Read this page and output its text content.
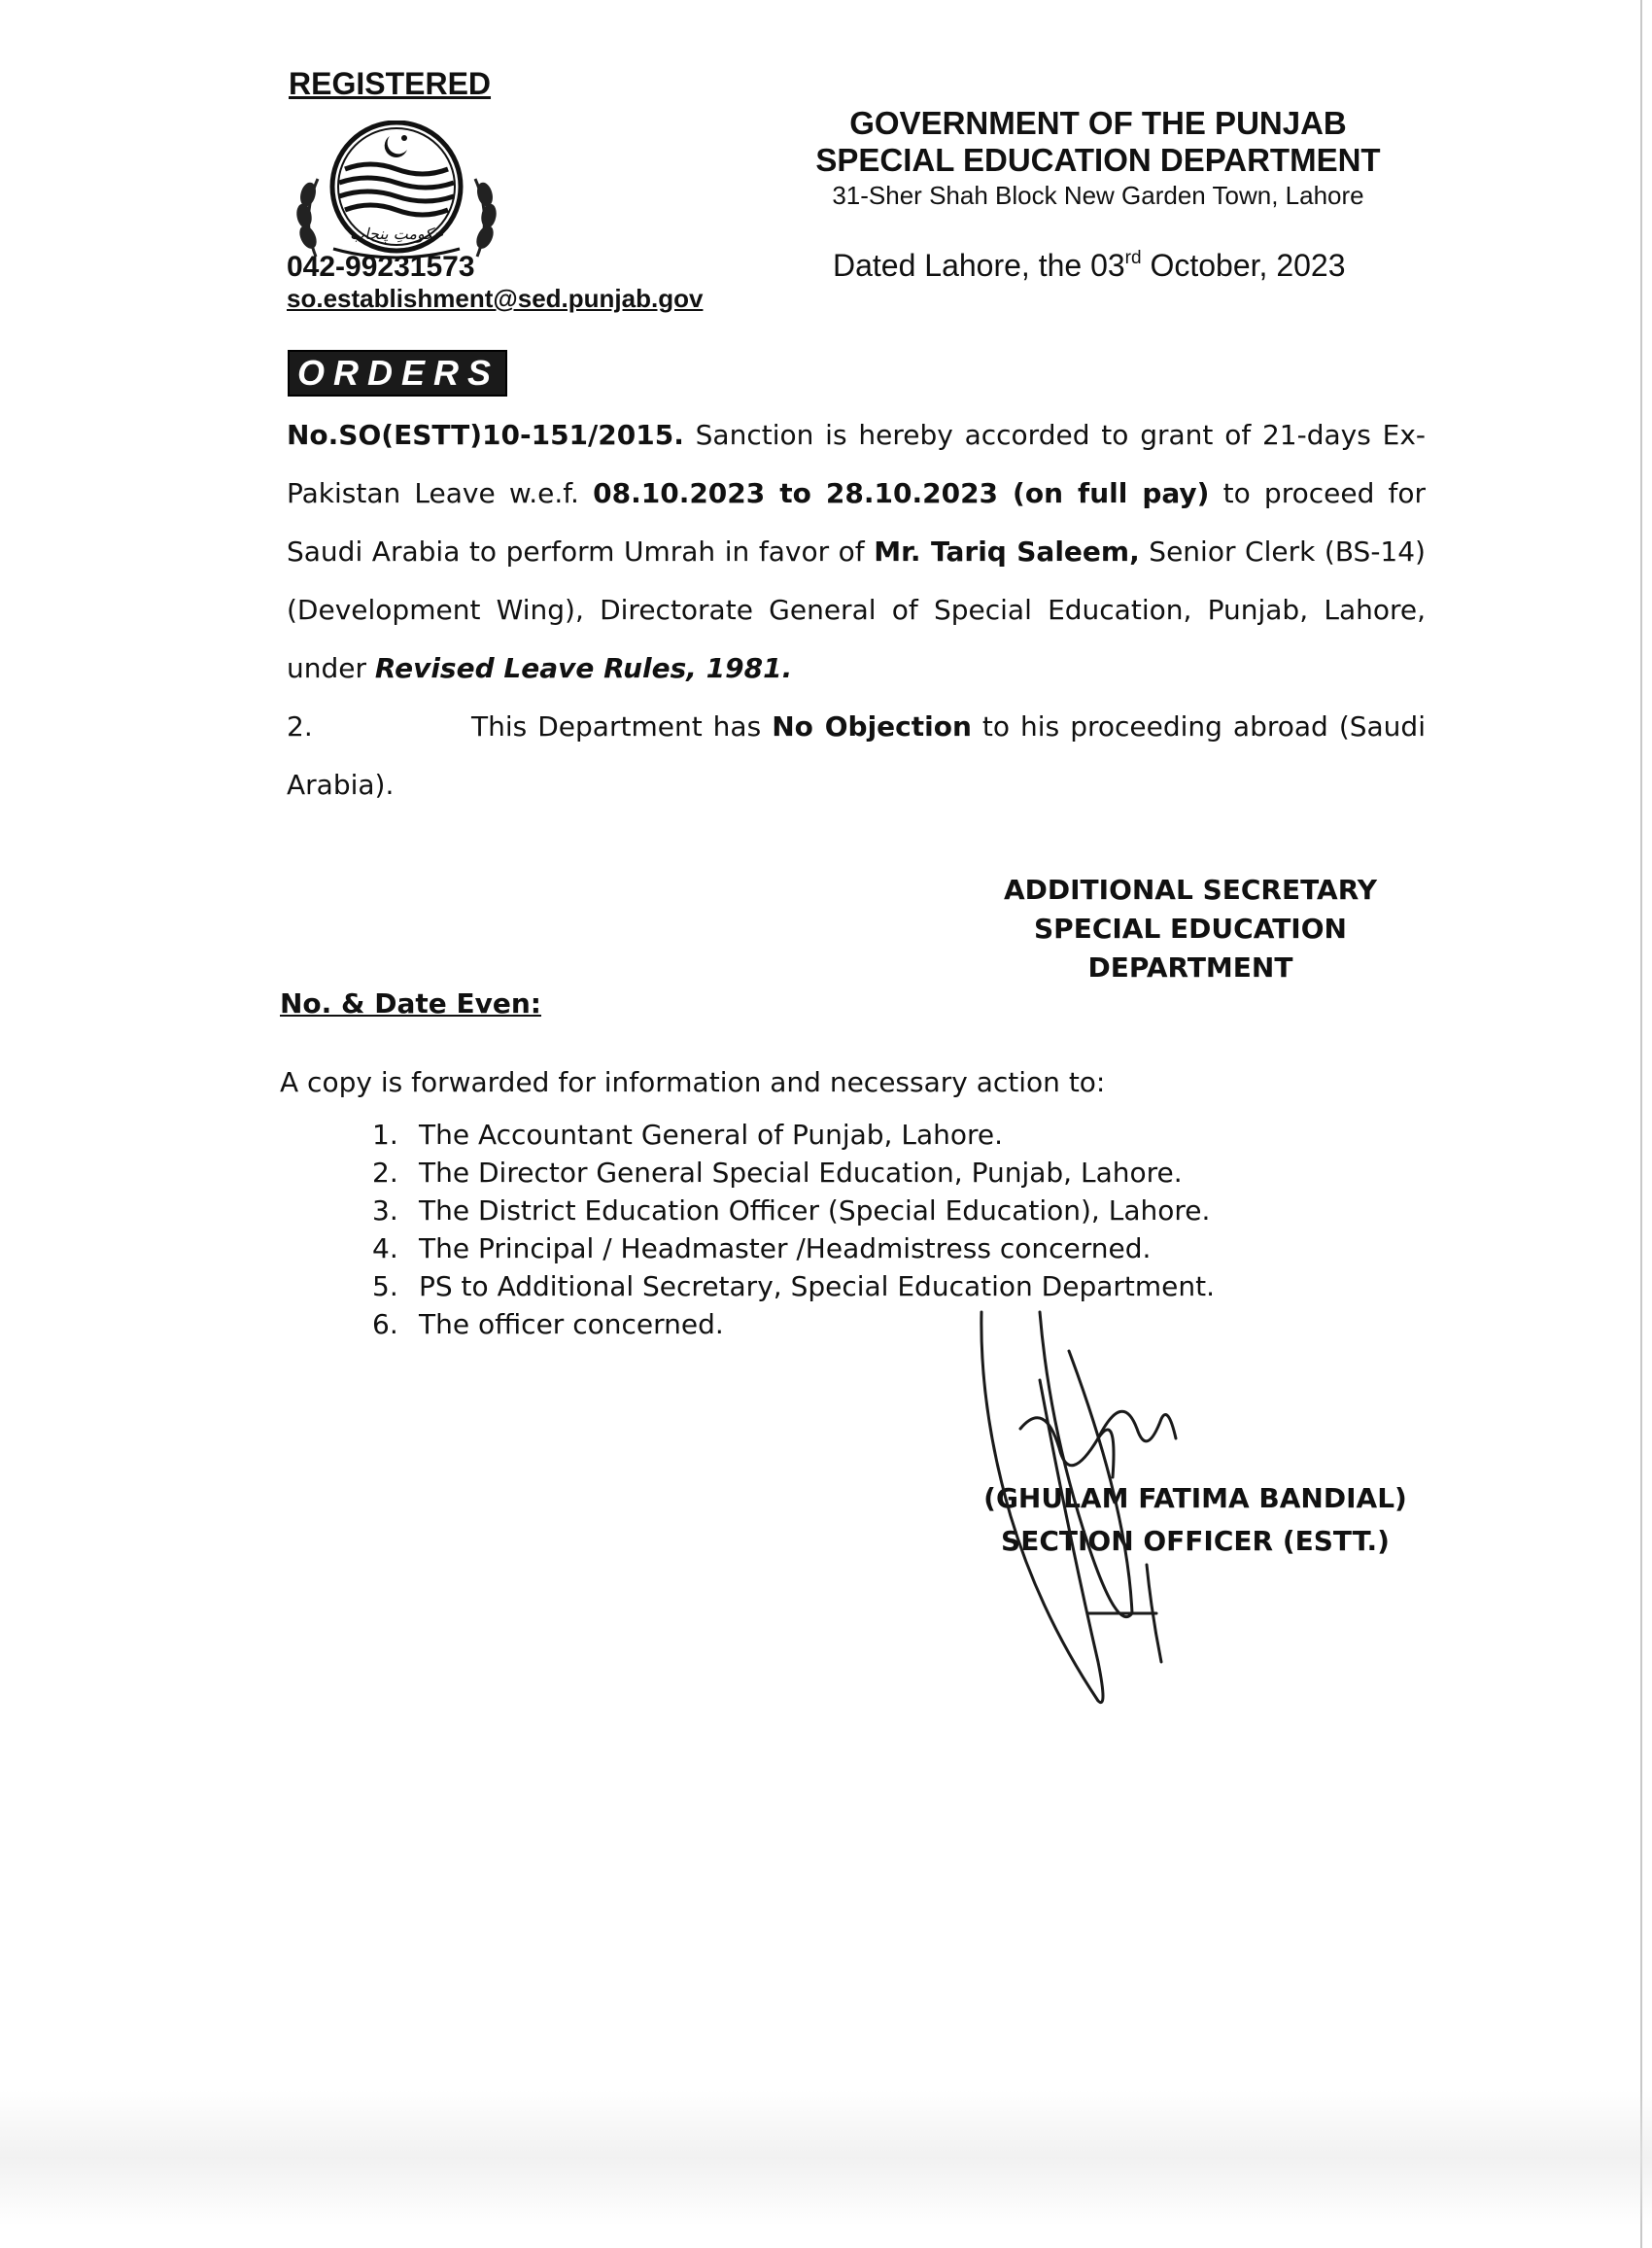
REGISTERED
حکومتِ پنجاب
042-99231573
so.establishment@sed.punjab.gov
GOVERNMENT OF THE PUNJAB
SPECIAL EDUCATION DEPARTMENT
31-Sher Shah Block New Garden Town, Lahore
Dated Lahore, the 03rd October, 2023
ORDERS
No.SO(ESTT)10-151/2015. Sanction is hereby accorded to grant of 21-days Ex-Pakistan Leave w.e.f. 08.10.2023 to 28.10.2023 (on full pay) to proceed for Saudi Arabia to perform Umrah in favor of Mr. Tariq Saleem, Senior Clerk (BS-14) (Development Wing), Directorate General of Special Education, Punjab, Lahore, under Revised Leave Rules, 1981.
2.	This Department has No Objection to his proceeding abroad (Saudi Arabia).
ADDITIONAL SECRETARY
SPECIAL EDUCATION
DEPARTMENT
No. & Date Even:
A copy is forwarded for information and necessary action to:
1. The Accountant General of Punjab, Lahore.
2. The Director General Special Education, Punjab, Lahore.
3. The District Education Officer (Special Education), Lahore.
4. The Principal / Headmaster /Headmistress concerned.
5. PS to Additional Secretary, Special Education Department.
6. The officer concerned.
(GHULAM FATIMA BANDIAL)
SECTION OFFICER (ESTT.)
